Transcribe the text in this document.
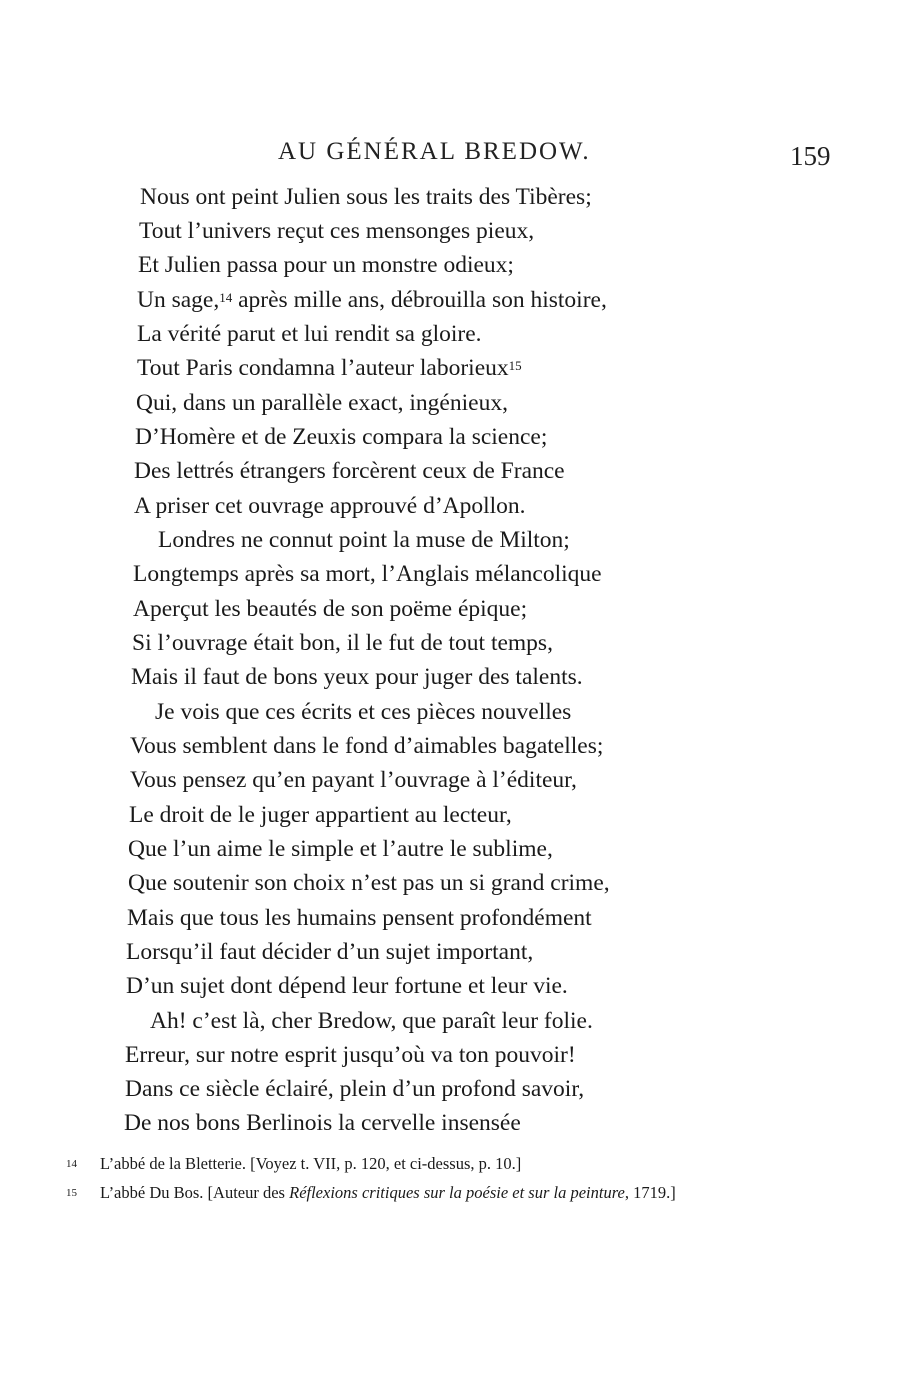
AU GÉNÉRAL BREDOW.	159
Nous ont peint Julien sous les traits des Tibères;
Tout l’univers reçut ces mensonges pieux,
Et Julien passa pour un monstre odieux;
Un sage,$^{14}$ après mille ans, débrouilla son histoire,
La vérité parut et lui rendit sa gloire.
Tout Paris condamna l’auteur laborieux$^{15}$
Qui, dans un parallèle exact, ingénieux,
D’Homère et de Zeuxis compara la science;
Des lettrés étrangers forcèrent ceux de France
A priser cet ouvrage approuvé d’Apollon.
Londres ne connut point la muse de Milton;
Longtemps après sa mort, l’Anglais mélancolique
Aperçut les beautés de son poëme épique;
Si l’ouvrage était bon, il le fut de tout temps,
Mais il faut de bons yeux pour juger des talents.
Je vois que ces écrits et ces pièces nouvelles
Vous semblent dans le fond d’aimables bagatelles;
Vous pensez qu’en payant l’ouvrage à l’éditeur,
Le droit de le juger appartient au lecteur,
Que l’un aime le simple et l’autre le sublime,
Que soutenir son choix n’est pas un si grand crime,
Mais que tous les humains pensent profondément
Lorsqu’il faut décider d’un sujet important,
D’un sujet dont dépend leur fortune et leur vie.
Ah! c’est là, cher Bredow, que paraît leur folie.
Erreur, sur notre esprit jusqu’où va ton pouvoir!
Dans ce siècle éclairé, plein d’un profond savoir,
De nos bons Berlinois la cervelle insensée
14 L’abbé de la Bletterie. [Voyez t. VII, p. 120, et ci-dessus, p. 10.]
15 L’abbé Du Bos. [Auteur des Réflexions critiques sur la poésie et sur la peinture, 1719.]
